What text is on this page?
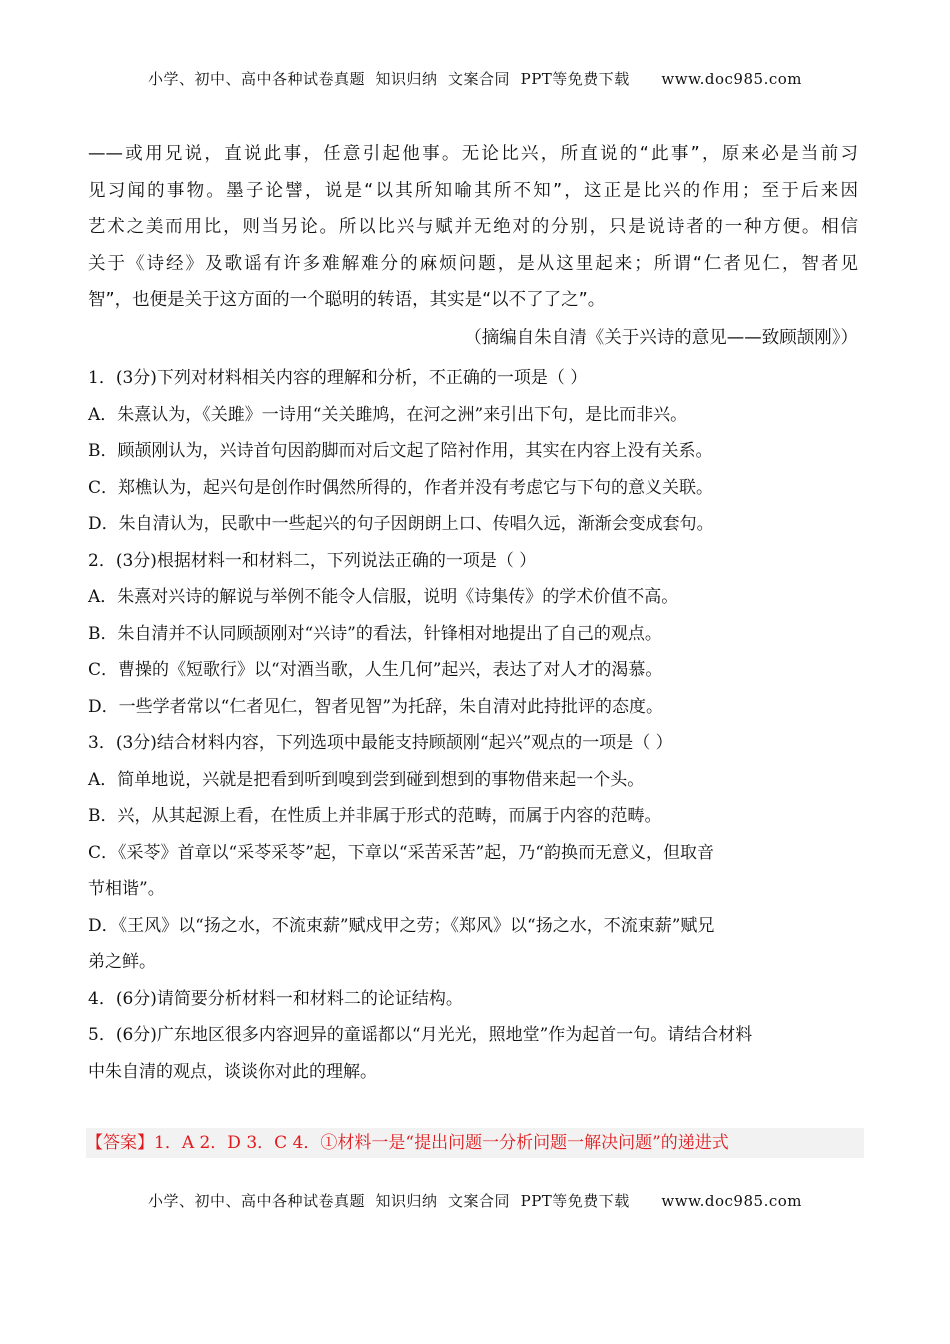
小学、初中、高中各种试卷真题  知识归纳  文案合同  PPT等免费下载      www.doc985.com
——或用兄说，直说此事，任意引起他事。无论比兴，所直说的“此事”，原来必是当前习
见习闻的事物。墨子论譬，说是“以其所知喻其所不知”，这正是比兴的作用；至于后来因
艺术之美而用比，则当另论。所以比兴与赋并无绝对的分别，只是说诗者的一种方便。相信
关于《诗经》及歌谣有许多难解难分的麻烦问题，是从这里起来；所谓“仁者见仁，智者见
智”，也便是关于这方面的一个聪明的转语，其实是“以不了了之”。
（摘编自朱自清《关于兴诗的意见——致顾颉刚》）
1．(3分)下列对材料相关内容的理解和分析，不正确的一项是（ ）
A．朱熹认为，《关雎》一诗用“关关雎鸠，在河之洲”来引出下句，是比而非兴。
B．顾颉刚认为，兴诗首句因韵脚而对后文起了陪衬作用，其实在内容上没有关系。
C．郑樵认为，起兴句是创作时偶然所得的，作者并没有考虑它与下句的意义关联。
D．朱自清认为，民歌中一些起兴的句子因朗朗上口、传唱久远，渐渐会变成套句。
2．(3分)根据材料一和材料二，下列说法正确的一项是（ ）
A．朱熹对兴诗的解说与举例不能令人信服，说明《诗集传》的学术价值不高。
B．朱自清并不认同顾颉刚对“兴诗”的看法，针锋相对地提出了自己的观点。
C．曹操的《短歌行》以“对酒当歌，人生几何”起兴，表达了对人才的渴慕。
D．一些学者常以“仁者见仁，智者见智”为托辞，朱自清对此持批评的态度。
3．(3分)结合材料内容，下列选项中最能支持顾颉刚“起兴”观点的一项是（ ）
A．简单地说，兴就是把看到听到嗅到尝到碰到想到的事物借来起一个头。
B．兴，从其起源上看，在性质上并非属于形式的范畴，而属于内容的范畴。
C．《采苓》首章以“采苓采苓”起，下章以“采苦采苦”起，乃“韵换而无意义，但取音
节相谐”。
D．《王风》以“扬之水，不流束薪”赋戍甲之劳；《郑风》以“扬之水，不流束薪”赋兄
弟之鲜。
4．(6分)请简要分析材料一和材料二的论证结构。
5．(6分)广东地区很多内容迥异的童谣都以“月光光，照地堂”作为起首一句。请结合材料
中朱自清的观点，谈谈你对此的理解。
【答案】1．A 2．D 3．C 4．①材料一是“提出问题一分析问题一解决问题”的递进式
小学、初中、高中各种试卷真题  知识归纳  文案合同  PPT等免费下载      www.doc985.com
